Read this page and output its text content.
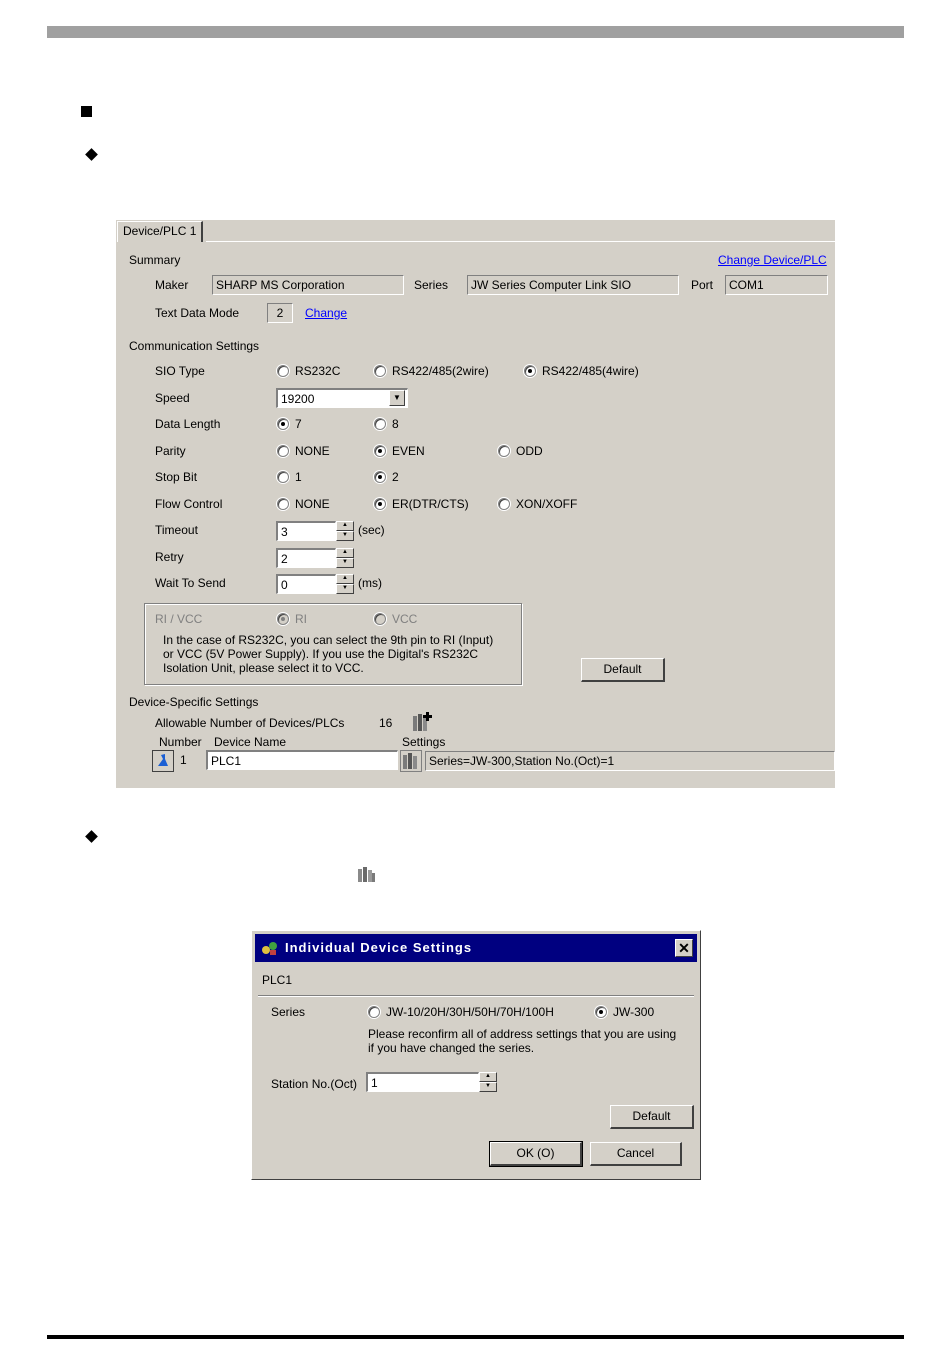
Device/PLC 1
Summary	Change Device/PLC
Maker	SHARP MS Corporation	Series	JW Series Computer Link SIO	Port	COM1
Text Data Mode	2	Change
Communication Settings
SIO Type	RS232C	RS422/485(2wire)	RS422/485(4wire)
Speed	19200	▼
Data Length	7	8
Parity	NONE	EVEN	ODD
Stop Bit	1	2
Flow Control	NONE	ER(DTR/CTS)	XON/XOFF
Timeout	3	▲
▼ (sec)
Retry	2	▲
▼
Wait To Send	0	▲
▼ (ms)
RI / VCC	RI	VCC
In the case of RS232C, you can select the 9th pin to RI (Input)
or VCC (5V Power Supply). If you use the Digital's RS232C
Isolation Unit, please select it to VCC.	Default
Device-Specific Settings
Allowable Number of Devices/PLCs	16
Number Device Name	Settings
1	PLC1	Series=JW-300,Station No.(Oct)=1
Individual Device Settings	✕
PLC1
Series	JW-10/20H/30H/50H/70H/100H	JW-300
Please reconfirm all of address settings that you are using
if you have changed the series.
Station No.(Oct)	1	▲
▼
Default
OK (O)	Cancel
